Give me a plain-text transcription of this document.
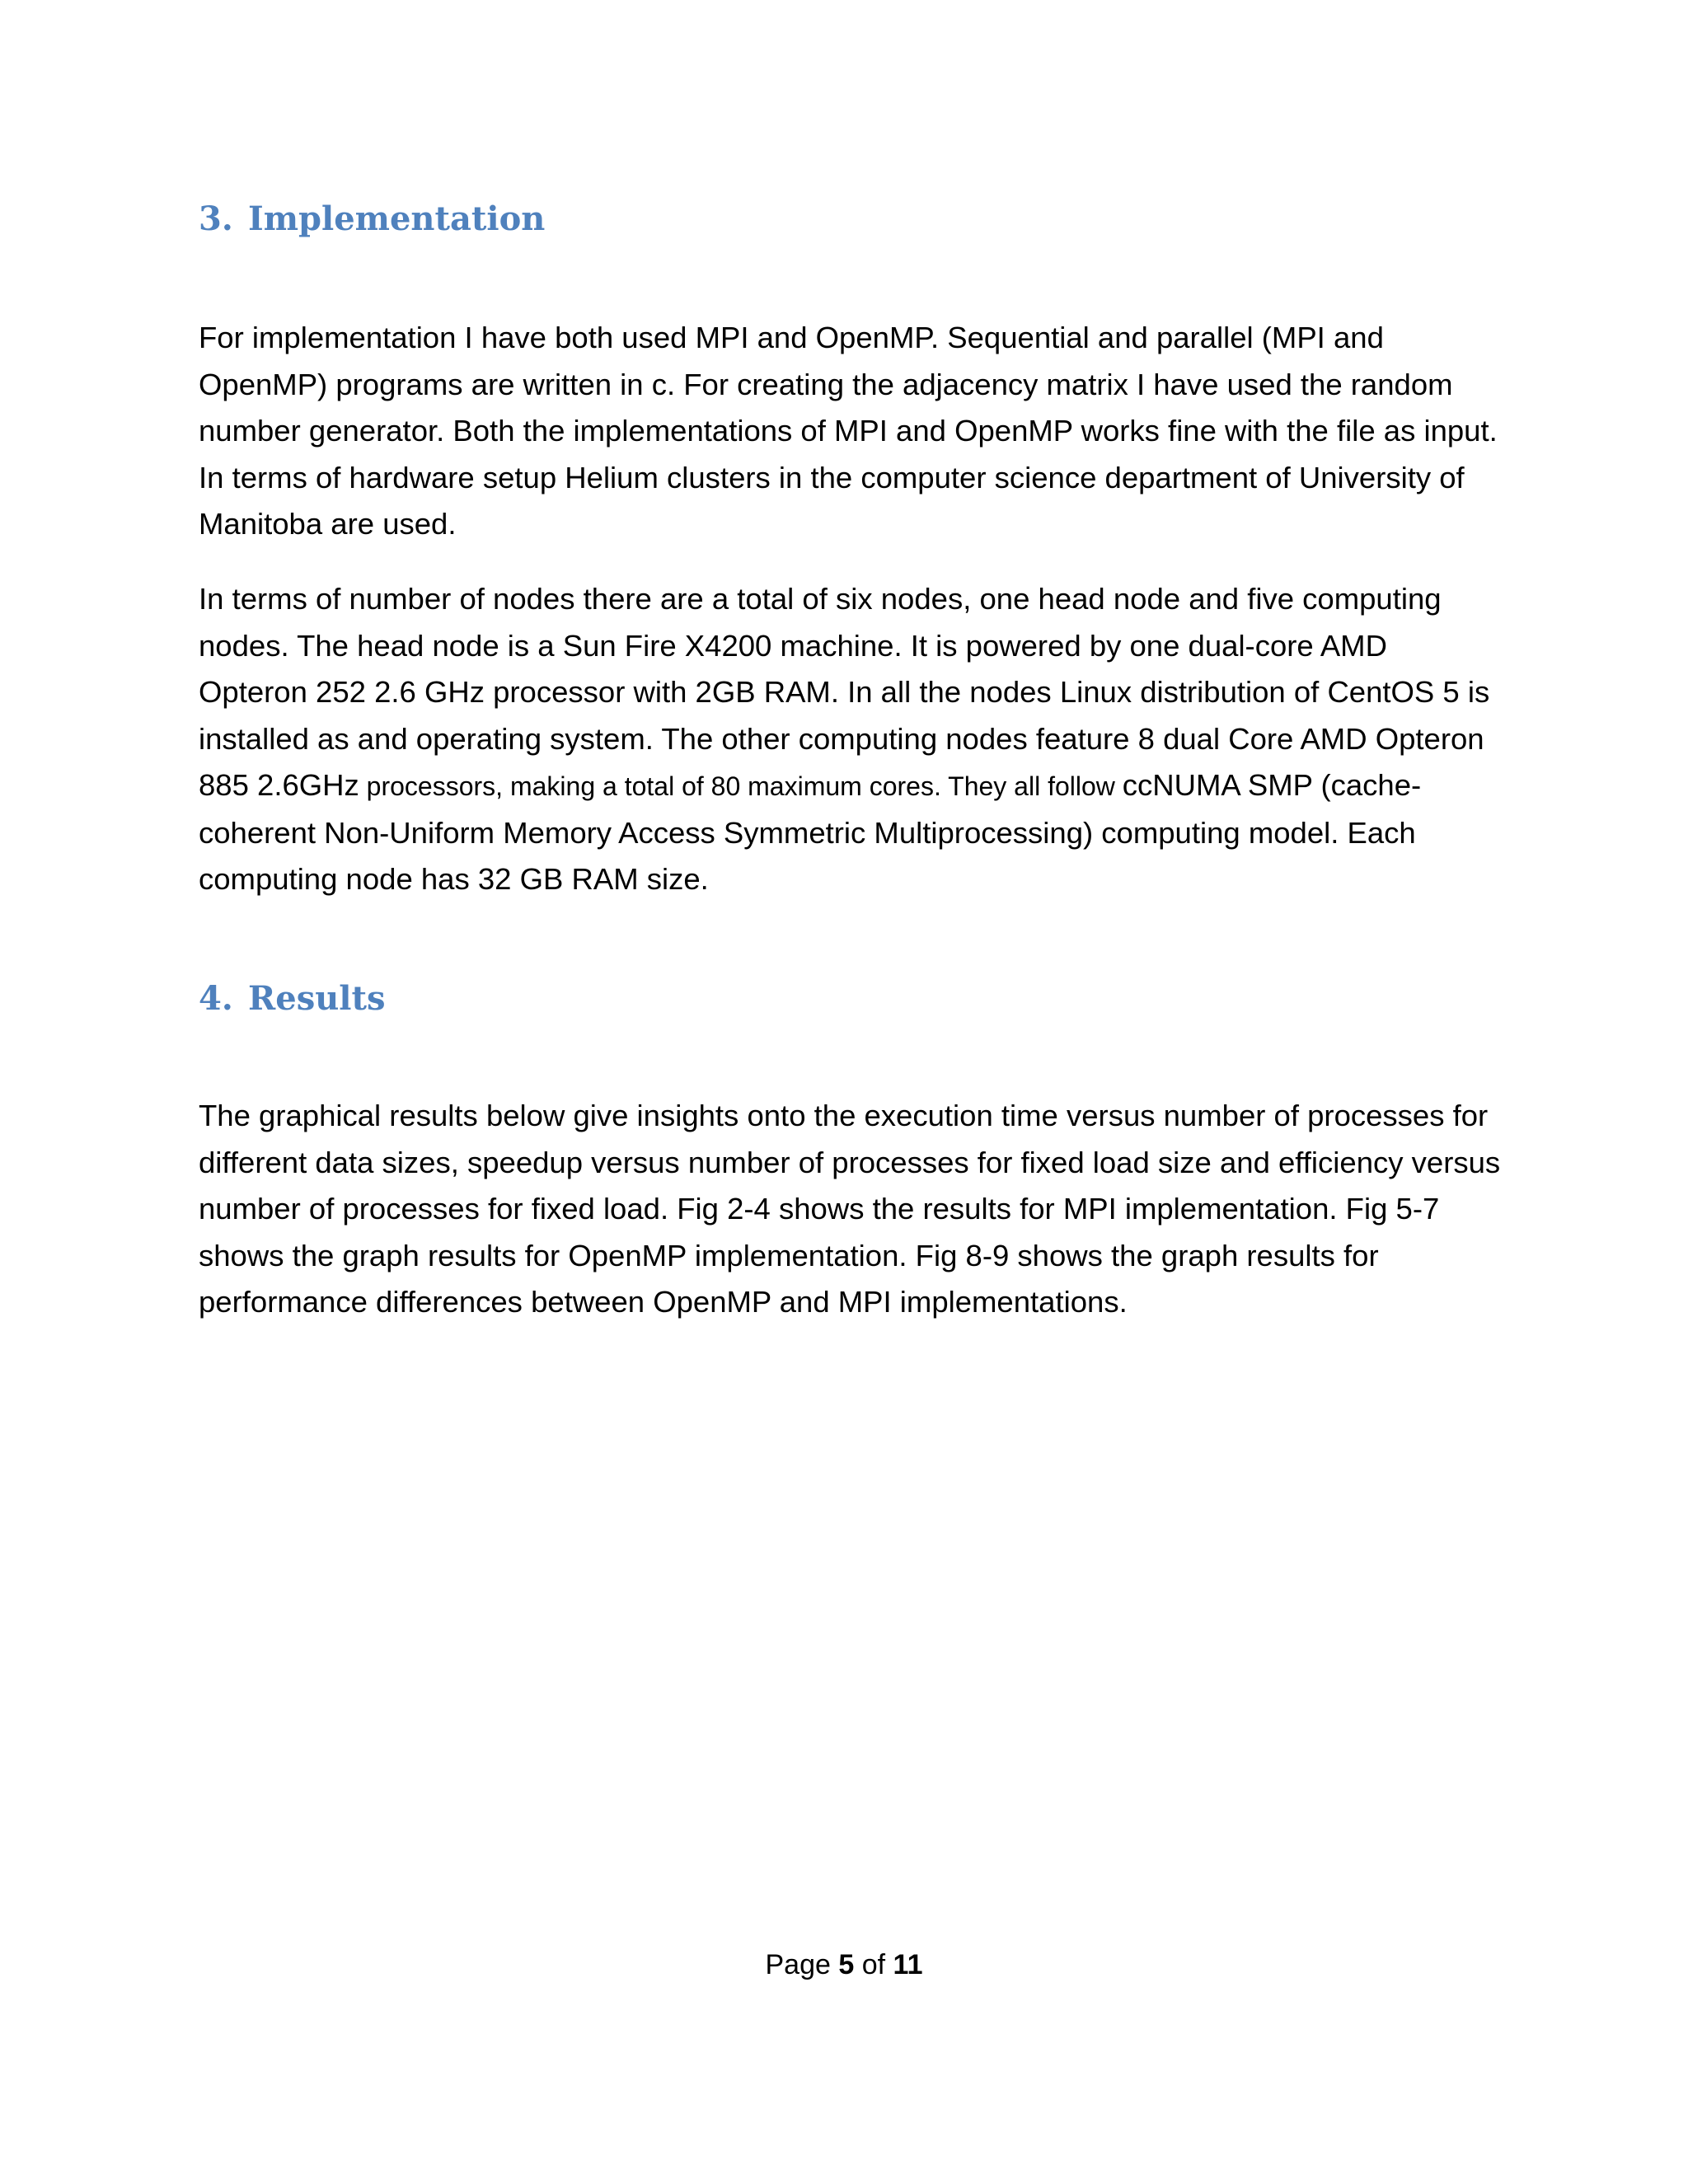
3. Implementation

For implementation I have both used MPI and OpenMP. Sequential and parallel (MPI and OpenMP) programs are written in c. For creating the adjacency matrix I have used the random number generator. Both the implementations of MPI and OpenMP works fine with the file as input. In terms of hardware setup Helium clusters in the computer science department of University of Manitoba are used.

In terms of number of nodes there are a total of six nodes, one head node and five computing nodes. The head node is a Sun Fire X4200 machine. It is powered by one dual-core AMD Opteron 252 2.6 GHz processor with 2GB RAM. In all the nodes Linux distribution of CentOS 5 is installed as and operating system. The other computing nodes feature 8 dual Core AMD Opteron 885 2.6GHz processors, making a total of 80 maximum cores. They all follow ccNUMA SMP (cache-coherent Non-Uniform Memory Access Symmetric Multiprocessing) computing model. Each computing node has 32 GB RAM size.

4. Results

The graphical results below give insights onto the execution time versus number of processes for different data sizes, speedup versus number of processes for fixed load size and efficiency versus number of processes for fixed load. Fig 2-4 shows the results for MPI implementation. Fig 5-7 shows the graph results for OpenMP implementation. Fig 8-9 shows the graph results for performance differences between OpenMP and MPI implementations.

Page 5 of 11
